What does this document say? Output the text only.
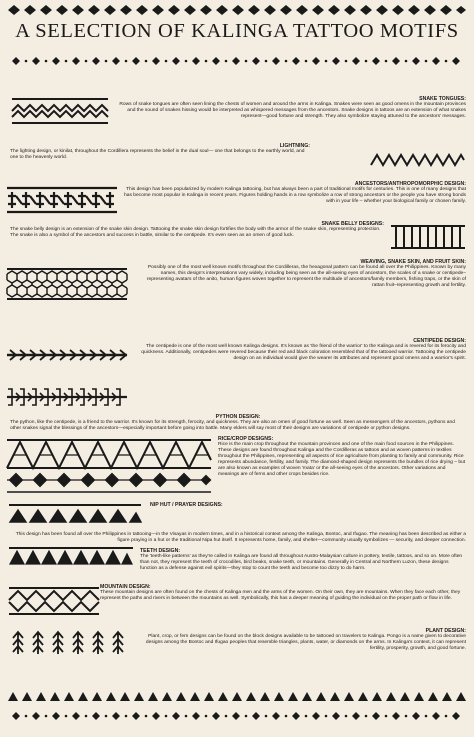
A SELECTION OF KALINGA TATTOO MOTIFS
SNAKE TONGUES:
Rows of snake tongues are often seen lining the chests of women and around the arms in Kalinga. Snakes were seen as good omens in the mountain provinces and the sound of snakes hissing would be interpreted as whispered messages from the ancestors. Snake designs in tattoos are an extension of what snakes represent—good fortune and strength. They also symbolize staying attuned to the ancestors' messages.
LIGHTNING:
The lighting design, or kinilat, throughout the Cordillera represents the belief in the dual soul— one that belongs to the earthly world, and one to the heavenly world.
ANCESTORS/ANTHROPOMORPHIC DESIGN:
This design has been popularized by modern Kalinga tattooing, but has always been a part of traditional motifs for centuries. This is one of many designs that has become most popular in Kalinga in recent years. Figures holding hands in a row symbolize a row of strong ancestors or the people you have strong bonds with in your life – whether your biological family or chosen family.
SNAKE BELLY DESIGNS:
The snake belly design is an extension of the snake skin design. Tattooing the snake skin design fortifies the body with the armor of the snake skin, representing protection. The snake is also a symbol of the ancestors and success in battle, similar to the centipede. It's even seen as an omen of good luck.
WEAVING, SNAKE SKIN, AND FRUIT SKIN:
Possibly one of the most well known motifs throughout the Cordilleras, the hexagonal pattern can be found all over the Philippines. Known by many names, this design's interpretations vary widely, including being seen as the all-seeing eyes of ancestors, the scales of a snake or centipede–representing avatars of the anito, human figures woven together to represent the multitude of ancestors/family members, fishing traps, or the skin of rattan fruit–representing growth and fertility.
CENTIPEDE DESIGN:
The centipede is one of the most well known Kalinga designs. It's known as 'the friend of the warrior' to the Kalinga and is revered for its ferocity and quickness. Additionally, centipedes were revered because their red and black coloration resembled that of the tattooed warrior. Tattooing the centipede design on an individual would give the wearer its attributes and represent good omens and a warrior's spirit.
PYTHON DESIGN:
The python, like the centipede, is a friend to the warrior. It's known for its strength, ferocity, and quickness. They are also an omen of good fortune as well. Seen as messengers of the ancestors, pythons and other snakes signal the blessings of the ancestors—especially important before going into battle. Many elders will say most of their designs are variations of centipede or python designs.
RICE/CROP DESIGNS:
Rice is the main crop throughout the mountain provinces and one of the main food sources in the Philippines. These designs are found throughout Kalinga and the Cordilleras as tattoos and as woven patterns in textiles throughout the Philippines, representing all aspects of rice agriculture from planting to family and community. Rice represents abundance, fertility, and family. The diamond-shaped design represents the bundles of rice drying – but are also known as examples of woven 'mata' or the all-seeing eyes of the ancestors. Other variations and meanings are of ferns and other crops besides rice.
NIP HUT / PRAYER DESIGNS:
This design has been found all over the Philippines in tattooing—in the Visayas in modern times, and in a historical context among the Kalinga, Bontoc, and Ifugao. The meaning has been described as either a figure praying in a hut or the traditional Nipa hut itself. It represents home, family, and shelter—community usually symbolizes — security, and deeper connection.
TEETH DESIGN:
The 'teeth-like patterns' as they're called in Kalinga are found all throughout Austro-Malaysian culture in pottery, textile, tattoos, and so on. More often than not, they represent the teeth of crocodiles, bird beaks, snake teeth, or mountains. Generally in Central and Northern Luzon, these designs function as a defense against evil spirits—they stop to count the teeth and become too dizzy to do harm.
MOUNTAIN DESIGN:
These mountain designs are often found on the chests of Kalinga men and the arms of the women. On their own, they are mountains. When they face each other, they represent the paths and rivers in between the mountains as well. Symbolically, this has a deeper meaning of guiding the individual on the proper path or flow in life.
PLANT DESIGN:
Plant, crop, or fern designs can be found on the block designs available to be tattooed on travelers to Kalinga. Pongo is a name given to decorative designs among the Bontoc and Ifugao peoples that resemble triangles, plants, water, or diamonds on the arms. In Kalinga's context, it can represent fertility, prosperity, growth, and good fortune.
